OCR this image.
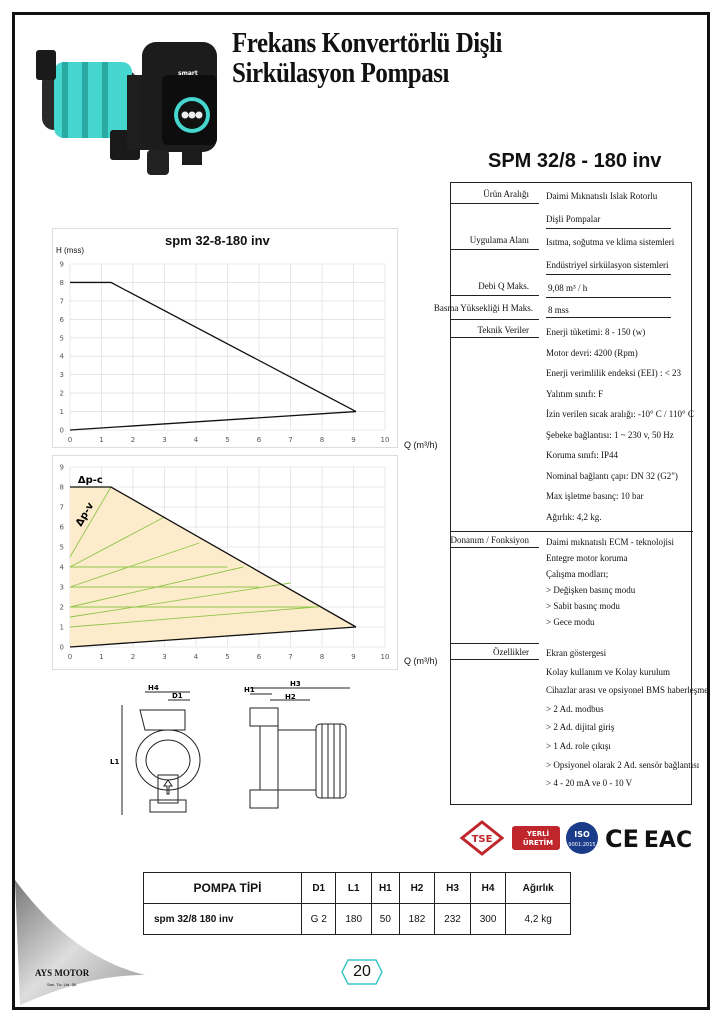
smart
Frekans Konvertörlü Dişli
Sirkülasyon Pompası
SPM 32/8 - 180 inv
spm 32-8-180 inv
H (mss)
0	1	2	3	4	5	6	7	8	9	10
0
1
2
3
4
5
6
7
8
9
Q (m³/h)
0	1	2	3	4	5	6	7	8	9	10
0
1
2
3
4
5
6
7
8
9
Δp-c
Δp-v
Q (m³/h)
Ürün Aralığı Daimi Mıknatıslı Islak Rotorlu
Dişli Pompalar
Uygulama Alanı Isıtma, soğutma ve klima sistemleri
Endüstriyel sirkülasyon sistemleri
Debi Q Maks. 9,08 m³ / h
Basma Yüksekliği H Maks. 8 mss
Teknik Veriler Enerji tüketimi: 8 - 150 (w)
Motor devri: 4200 (Rpm)
Enerji verimlilik endeksi (EEI) : < 23
Yalıtım sınıfı: F
İzin verilen sıcak aralığı: -10° C / 110° C
Şebeke bağlantısı: 1 ~ 230 v, 50 Hz
Koruma sınıfı: IP44
Nominal bağlantı çapı: DN 32 (G2")
Max işletme basınç: 10 bar
Ağırlık: 4,2 kg.
Donanım / Fonksiyon Daimi mıknatıslı ECM - teknolojisi
Entegre motor koruma
Çalışma modları;
> Değişken basınç modu
> Sabit basınç modu
> Gece modu
Özellikler Ekran göstergesi
Kolay kullanım ve Kolay kurulum
Cihazlar arası ve opsiyonel BMS haberleşme;
> 2 Ad. modbus
> 2 Ad. dijital giriş
> 1 Ad. role çıkışı
> Opsiyonel olarak 2 Ad. sensör bağlantısı
> 4 - 20 mA ve 0 - 10 V
H4
D1
L1
H1
H3
H2
TSE	YERLİ
ÜRETİM
ISO
9001:2015 CE EAC
POMPA TİPİ	D1	L1	H1	H2	H3	H4	Ağırlık
spm 32/8 180 inv	G 2	180	50	182	232	300	4,2 kg
AYS MOTOR
San. Tic. Ltd. Şti.
20
